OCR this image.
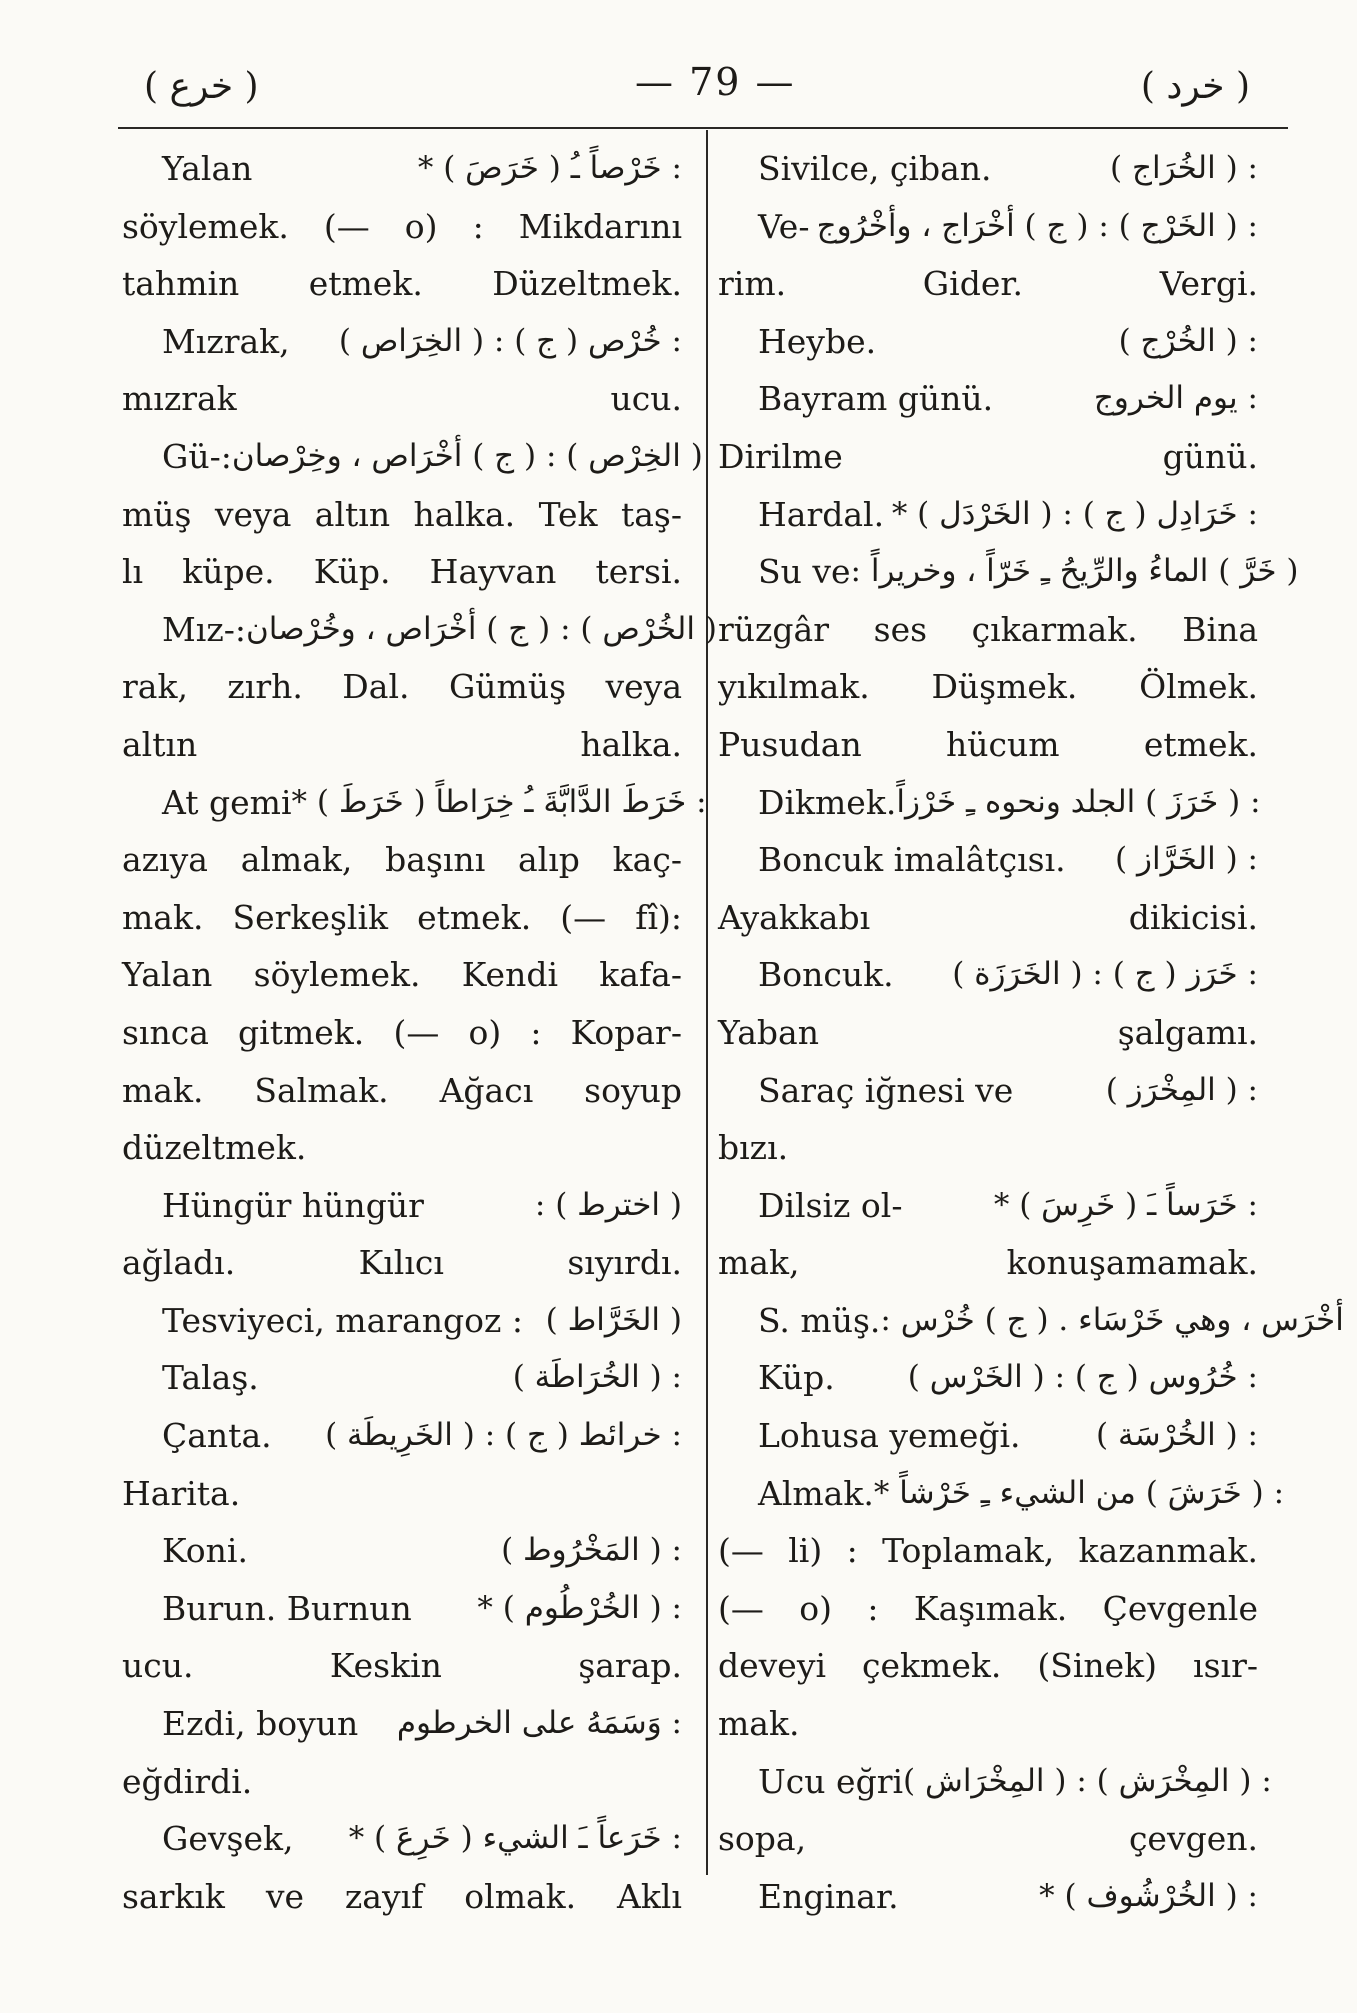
( خرع )	— 79 —	( خرد )
Yalan	: خَرْصاً ـُ ( خَرَصَ ) *
söylemek. (— o) : Mikdarını
tahmin etmek. Düzeltmek.
Mızrak, : خُرْص ( ج ) : ( الخِرَاص )
mızrak ucu.
Gü-: ( الخِرْص ) : ( ج ) أخْرَاص ، وخِرْصان
müş veya altın halka. Tek taş-
lı küpe. Küp. Hayvan tersi.
Mız-: ( الخُرْص ) : ( ج ) أخْرَاص ، وخُرْصان
rak, zırh. Dal. Gümüş veya
altın halka.
At gemi : خَرَطَ الدَّابَّةَ ـُ خِرَاطاً ( خَرَطَ ) *
azıya almak, başını alıp kaç-
mak. Serkeşlik etmek. (— fî):
Yalan söylemek. Kendi kafa-
sınca gitmek. (— o) : Kopar-
mak. Salmak. Ağacı soyup
düzeltmek.
Hüngür hüngür	( اخترط ) :
ağladı. Kılıcı sıyırdı.
Tesviyeci, marangoz : ( الخَرَّاط )
Talaş.	: ( الخُرَاطَة )
Çanta. : خرائط ( ج ) : ( الخَرِيطَة )
Harita.
Koni.	: ( المَخْرُوط )
Burun. Burnun : ( الخُرْطُوم ) *
ucu. Keskin şarap.
Ezdi, boyun : وَسَمَهُ على الخرطوم
eğdirdi.
Gevşek, : خَرَعاً ـَ الشيء ( خَرِعَ ) *
sarkık ve zayıf olmak. Aklı
Sivilce, çiban.	: ( الخُرَاج )
Ve- : ( الخَرْج ) : ( ج ) أخْرَاج ، وأخْرُوج
rim. Gider. Vergi.
Heybe.	: ( الخُرْج )
Bayram günü.	: يوم الخروج
Dirilme günü.
Hardal. : خَرَادِل ( ج ) : ( الخَرْدَل ) *
Su ve ( خَرَّ ) الماءُ والرِّيحُ ـِ خَرّاً ، وخريراً :
rüzgâr ses çıkarmak. Bina
yıkılmak. Düşmek. Ölmek.
Pusudan hücum etmek.
Dikmek. : ( خَرَزَ ) الجلد ونحوه ـِ خَرْزاً
Boncuk imalâtçısı. : ( الخَرَّاز )
Ayakkabı dikicisi.
Boncuk. : خَرَز ( ج ) : ( الخَرَزَة )
Yaban şalgamı.
Saraç iğnesi ve	: ( المِخْرَز )
bızı.
Dilsiz ol-	: خَرَساً ـَ ( خَرِسَ ) *
mak, konuşamamak.
S. müş. أخْرَس ، وهي خَرْسَاء . ( ج ) خُرْس :
Küp. : خُرُوس ( ج ) : ( الخَرْس )
Lohusa yemeği. : ( الخُرْسَة )
Almak. : ( خَرَشَ ) من الشيء ـِ خَرْشاً *
(— li) : Toplamak, kazanmak.
(— o) : Kaşımak. Çevgenle
deveyi çekmek. (Sinek) ısır-
mak.
Ucu eğri : ( المِخْرَش ) : ( المِخْرَاش )
sopa, çevgen.
Enginar.	: ( الخُرْشُوف ) *
